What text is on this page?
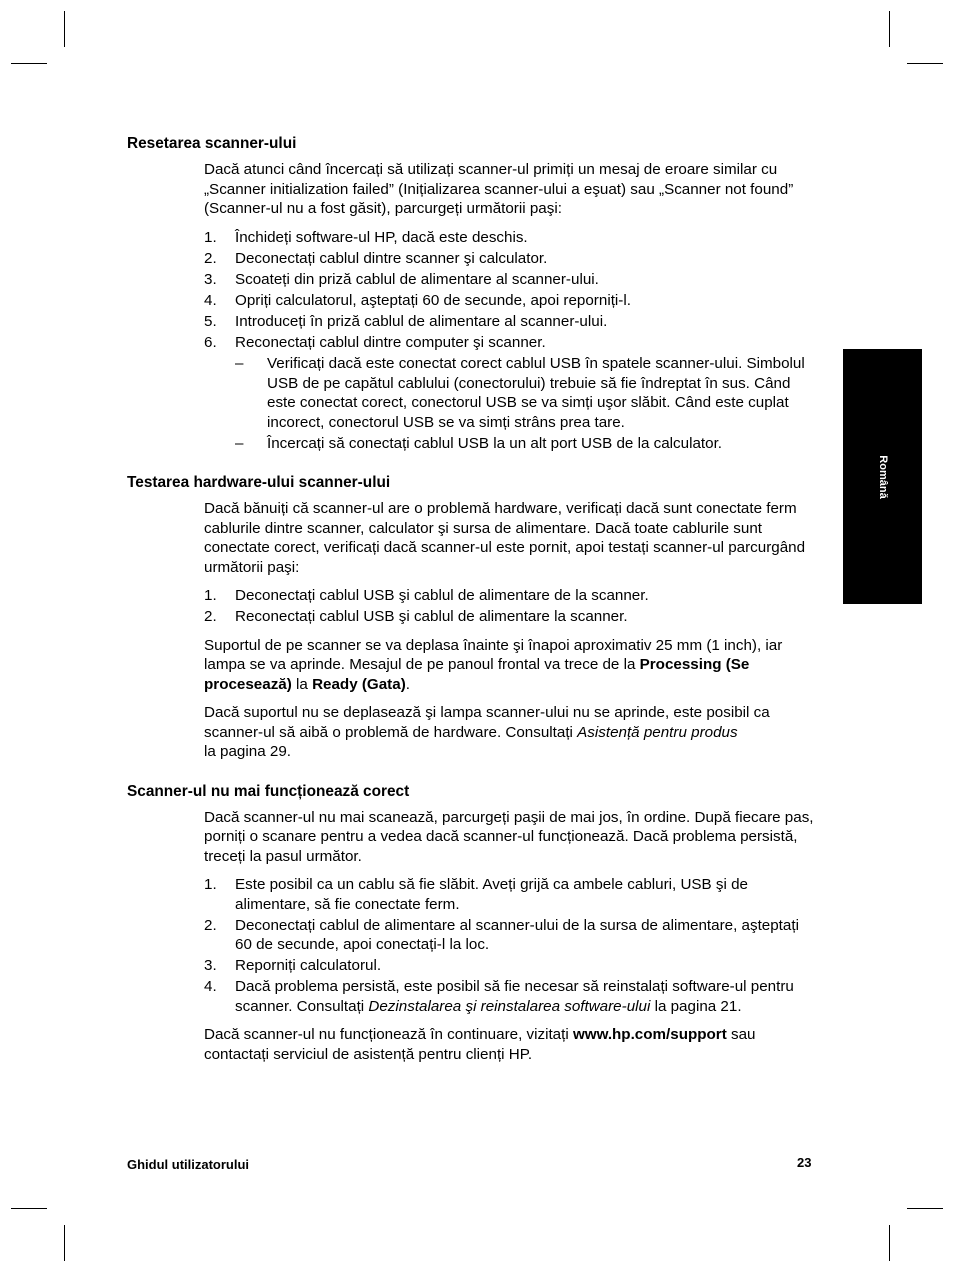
Română
Resetarea scanner-ului
Dacă atunci când încercați să utilizați scanner-ul primiți un mesaj de eroare similar cu „Scanner initialization failed” (Inițializarea scanner-ului a eşuat) sau „Scanner not found” (Scanner-ul nu a fost găsit), parcurgeți următorii paşi:
1. Închideți software-ul HP, dacă este deschis.
2. Deconectați cablul dintre scanner şi calculator.
3. Scoateți din priză cablul de alimentare al scanner-ului.
4. Opriți calculatorul, aşteptați 60 de secunde, apoi reporniți-l.
5. Introduceți în priză cablul de alimentare al scanner-ului.
6. Reconectați cablul dintre computer şi scanner.
– Verificați dacă este conectat corect cablul USB în spatele scanner-ului. Simbolul USB de pe capătul cablului (conectorului) trebuie să fie îndreptat în sus. Când este conectat corect, conectorul USB se va simți uşor slăbit. Când este cuplat incorect, conectorul USB se va simți strâns prea tare.
– Încercați să conectați cablul USB la un alt port USB de la calculator.
Testarea hardware-ului scanner-ului
Dacă bănuiți că scanner-ul are o problemă hardware, verificați dacă sunt conectate ferm cablurile dintre scanner, calculator şi sursa de alimentare. Dacă toate cablurile sunt conectate corect, verificați dacă scanner-ul este pornit, apoi testați scanner-ul parcurgând următorii paşi:
1. Deconectați cablul USB şi cablul de alimentare de la scanner.
2. Reconectați cablul USB şi cablul de alimentare la scanner.
Suportul de pe scanner se va deplasa înainte şi înapoi aproximativ 25 mm (1 inch), iar lampa se va aprinde. Mesajul de pe panoul frontal va trece de la Processing (Se procesează) la Ready (Gata).
Dacă suportul nu se deplasează şi lampa scanner-ului nu se aprinde, este posibil ca scanner-ul să aibă o problemă de hardware. Consultați Asistență pentru produs
la pagina 29.
Scanner-ul nu mai funcționează corect
Dacă scanner-ul nu mai scanează, parcurgeți paşii de mai jos, în ordine. După fiecare pas, porniți o scanare pentru a vedea dacă scanner-ul funcționează. Dacă problema persistă, treceți la pasul următor.
1. Este posibil ca un cablu să fie slăbit. Aveți grijă ca ambele cabluri, USB şi de alimentare, să fie conectate ferm.
2. Deconectați cablul de alimentare al scanner-ului de la sursa de alimentare, aşteptați 60 de secunde, apoi conectați-l la loc.
3. Reporniți calculatorul.
4. Dacă problema persistă, este posibil să fie necesar să reinstalați software-ul pentru scanner. Consultați Dezinstalarea şi reinstalarea software-ului la pagina 21.
Dacă scanner-ul nu funcționează în continuare, vizitați www.hp.com/support sau contactați serviciul de asistență pentru clienți HP.
Ghidul utilizatorului	23
